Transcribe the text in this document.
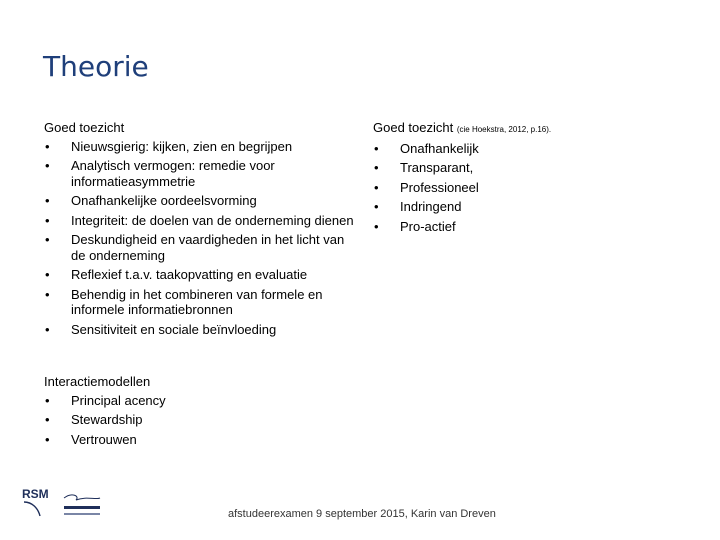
Theorie

Goed toezicht

• Nieuwsgierig: kijken, zien en begrijpen
• Analytisch vermogen: remedie voor informatieasymmetrie
• Onafhankelijke oordeelsvorming
• Integriteit: de doelen van de onderneming dienen
• Deskundigheid en vaardigheden in het licht van de onderneming
• Reflexief t.a.v. taakopvatting en evaluatie
• Behendig in het combineren van formele en informele informatiebronnen
• Sensitiviteit en sociale beïnvloeding

Goed toezicht (cie Hoekstra, 2012, p.16).

• Onafhankelijk
• Transparant,
• Professioneel
• Indringend
• Pro-actief

Interactiemodellen

• Principal acency
• Stewardship
• Vertrouwen
RSM
afstudeerexamen 9 september 2015, Karin van Dreven
